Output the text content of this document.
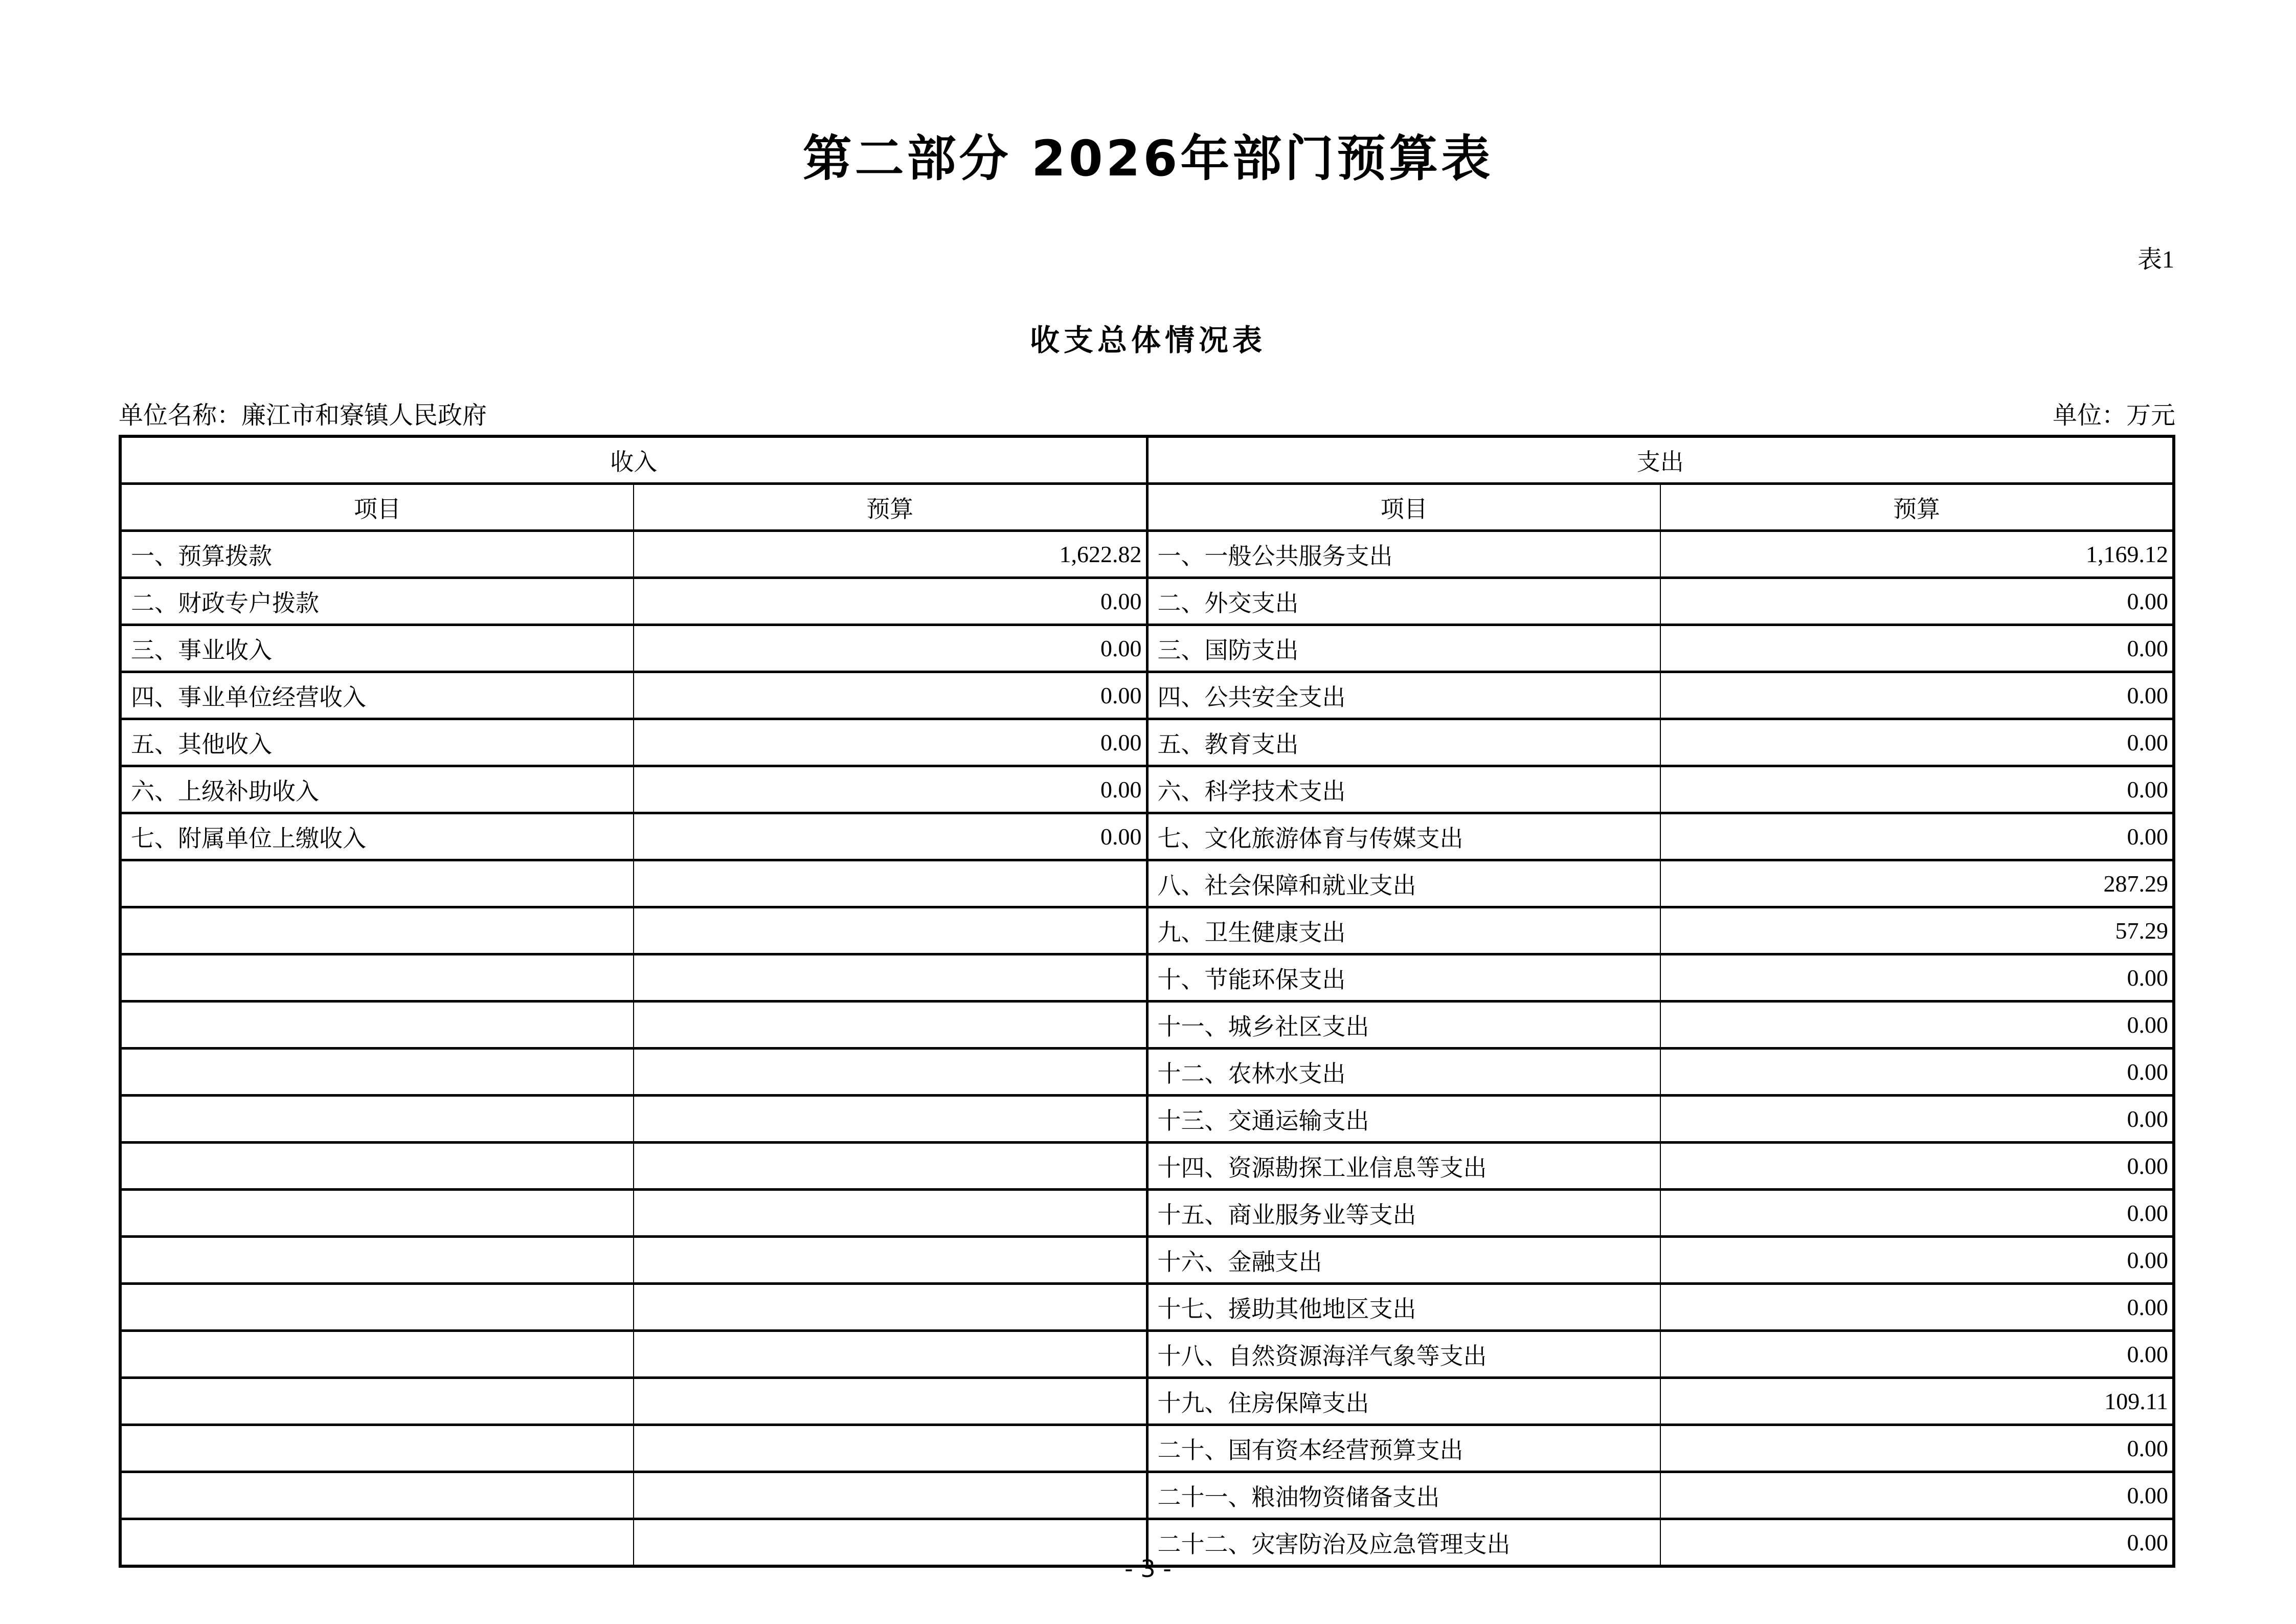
第二部分 2026年部门预算表
表1
收支总体情况表
单位名称：廉江市和寮镇人民政府	单位：万元
收入		支出	
项目	预算	项目	预算
一、预算拨款	1,622.82	一、一般公共服务支出	1,169.12
二、财政专户拨款	0.00	二、外交支出	0.00
三、事业收入	0.00	三、国防支出	0.00
四、事业单位经营收入	0.00	四、公共安全支出	0.00
五、其他收入	0.00	五、教育支出	0.00
六、上级补助收入	0.00	六、科学技术支出	0.00
七、附属单位上缴收入	0.00	七、文化旅游体育与传媒支出	0.00
		八、社会保障和就业支出	287.29
		九、卫生健康支出	57.29
		十、节能环保支出	0.00
		十一、城乡社区支出	0.00
		十二、农林水支出	0.00
		十三、交通运输支出	0.00
		十四、资源勘探工业信息等支出	0.00
		十五、商业服务业等支出	0.00
		十六、金融支出	0.00
		十七、援助其他地区支出	0.00
		十八、自然资源海洋气象等支出	0.00
		十九、住房保障支出	109.11
		二十、国有资本经营预算支出	0.00
		二十一、粮油物资储备支出	0.00
		二十二、灾害防治及应急管理支出	0.00
- 3 -
